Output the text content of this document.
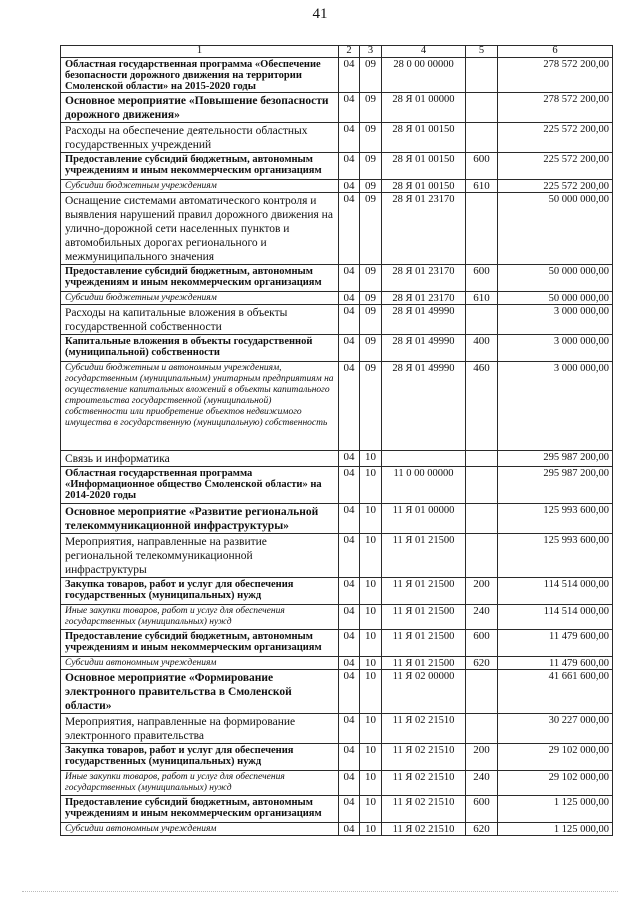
41
1	2	3	4	5	6
Областная государственная программа «Обеспечение безопасности дорожного движения на территории Смоленской области» на 2015-2020 годы	04	09	28 0 00 00000		278 572 200,00
Основное мероприятие «Повышение безопасности дорожного движения»	04	09	28 Я 01 00000		278 572 200,00
Расходы на обеспечение деятельности областных государственных учреждений	04	09	28 Я 01 00150		225 572 200,00
Предоставление субсидий бюджетным, автономным учреждениям и иным некоммерческим организациям	04	09	28 Я 01 00150	600	225 572 200,00
Субсидии бюджетным учреждениям	04	09	28 Я 01 00150	610	225 572 200,00
Оснащение системами автоматического контроля и выявления нарушений правил дорожного движения на улично-дорожной сети населенных пунктов и автомобильных дорогах регионального и межмуниципального значения	04	09	28 Я 01 23170		50 000 000,00
Предоставление субсидий бюджетным, автономным учреждениям и иным некоммерческим организациям	04	09	28 Я 01 23170	600	50 000 000,00
Субсидии бюджетным учреждениям	04	09	28 Я 01 23170	610	50 000 000,00
Расходы на капитальные вложения в объекты государственной собственности	04	09	28 Я 01 49990		3 000 000,00
Капитальные вложения в объекты государственной (муниципальной) собственности	04	09	28 Я 01 49990	400	3 000 000,00
Субсидии бюджетным и автономным учреждениям, государственным (муниципальным) унитарным предприятиям на осуществление капитальных вложений в объекты капитального строительства государственной (муниципальной) собственности или приобретение объектов недвижимого имущества в государственную (муниципальную) собственность	04	09	28 Я 01 49990	460	3 000 000,00
Связь и информатика	04	10			295 987 200,00
Областная государственная программа «Информационное общество Смоленской области» на 2014-2020 годы	04	10	11 0 00 00000		295 987 200,00
Основное мероприятие «Развитие региональной телекоммуникационной инфраструктуры»	04	10	11 Я 01 00000		125 993 600,00
Мероприятия, направленные на развитие региональной телекоммуникационной инфраструктуры	04	10	11 Я 01 21500		125 993 600,00
Закупка товаров, работ и услуг для обеспечения государственных (муниципальных) нужд	04	10	11 Я 01 21500	200	114 514 000,00
Иные закупки товаров, работ и услуг для обеспечения государственных (муниципальных) нужд	04	10	11 Я 01 21500	240	114 514 000,00
Предоставление субсидий бюджетным, автономным учреждениям и иным некоммерческим организациям	04	10	11 Я 01 21500	600	11 479 600,00
Субсидии автономным учреждениям	04	10	11 Я 01 21500	620	11 479 600,00
Основное мероприятие «Формирование электронного правительства в Смоленской области»	04	10	11 Я 02 00000		41 661 600,00
Мероприятия, направленные на формирование электронного правительства	04	10	11 Я 02 21510		30 227 000,00
Закупка товаров, работ и услуг для обеспечения государственных (муниципальных) нужд	04	10	11 Я 02 21510	200	29 102 000,00
Иные закупки товаров, работ и услуг для обеспечения государственных (муниципальных) нужд	04	10	11 Я 02 21510	240	29 102 000,00
Предоставление субсидий бюджетным, автономным учреждениям и иным некоммерческим организациям	04	10	11 Я 02 21510	600	1 125 000,00
Субсидии автономным учреждениям	04	10	11 Я 02 21510	620	1 125 000,00
